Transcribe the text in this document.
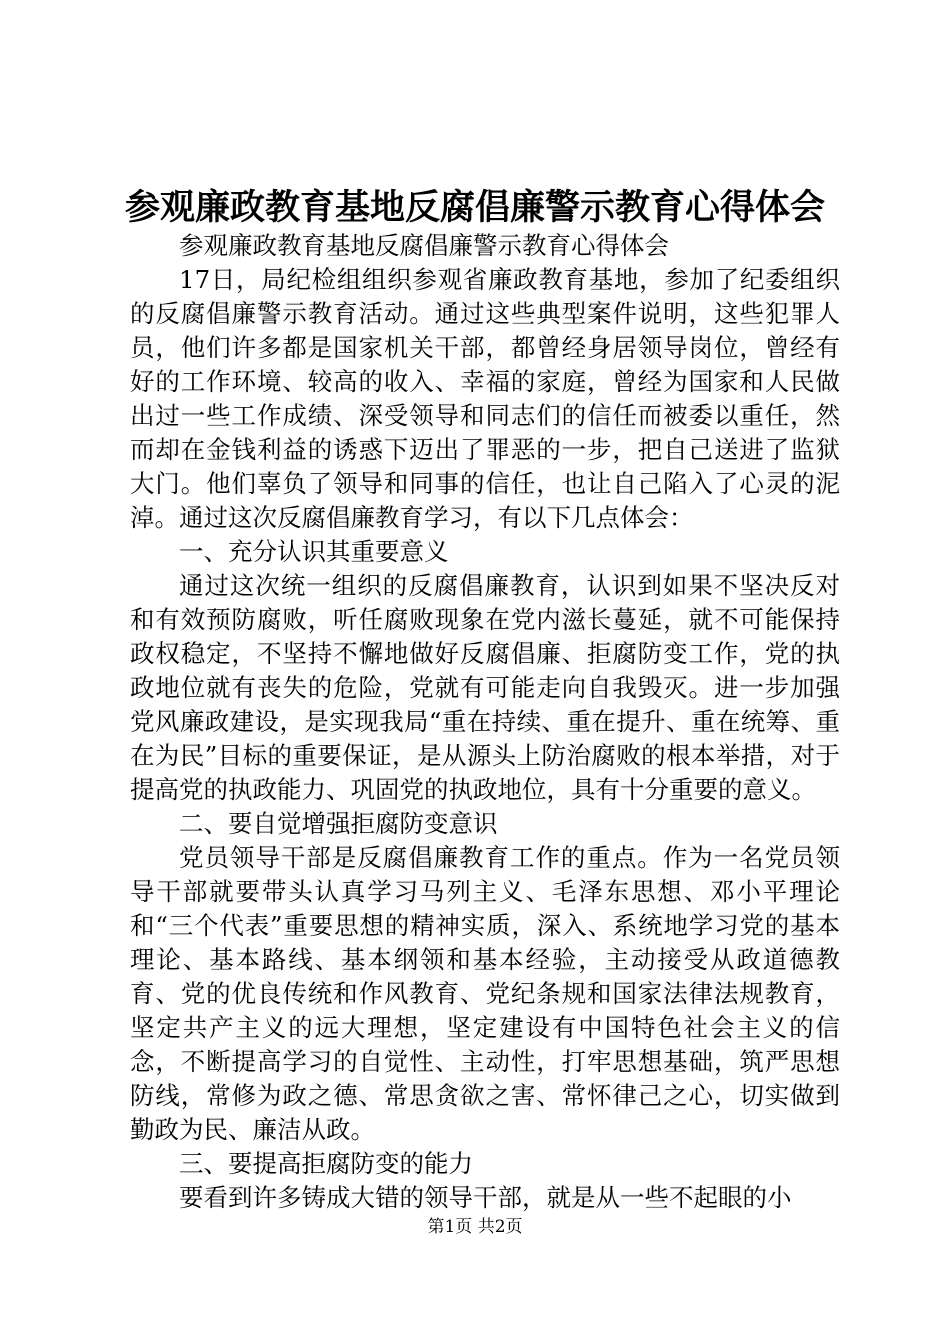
参观廉政教育基地反腐倡廉警示教育心得体会

参观廉政教育基地反腐倡廉警示教育心得体会

17日，局纪检组组织参观省廉政教育基地，参加了纪委组织的反腐倡廉警示教育活动。通过这些典型案件说明，这些犯罪人员，他们许多都是国家机关干部，都曾经身居领导岗位，曾经有好的工作环境、较高的收入、幸福的家庭，曾经为国家和人民做出过一些工作成绩、深受领导和同志们的信任而被委以重任，然而却在金钱利益的诱惑下迈出了罪恶的一步，把自己送进了监狱大门。他们辜负了领导和同事的信任，也让自己陷入了心灵的泥淖。通过这次反腐倡廉教育学习，有以下几点体会：

一、充分认识其重要意义

通过这次统一组织的反腐倡廉教育，认识到如果不坚决反对和有效预防腐败，听任腐败现象在党内滋长蔓延，就不可能保持政权稳定，不坚持不懈地做好反腐倡廉、拒腐防变工作，党的执政地位就有丧失的危险，党就有可能走向自我毁灭。进一步加强党风廉政建设，是实现我局“重在持续、重在提升、重在统筹、重在为民”目标的重要保证，是从源头上防治腐败的根本举措，对于提高党的执政能力、巩固党的执政地位，具有十分重要的意义。

二、要自觉增强拒腐防变意识

党员领导干部是反腐倡廉教育工作的重点。作为一名党员领导干部就要带头认真学习马列主义、毛泽东思想、邓小平理论和“三个代表”重要思想的精神实质，深入、系统地学习党的基本理论、基本路线、基本纲领和基本经验，主动接受从政道德教育、党的优良传统和作风教育、党纪条规和国家法律法规教育，坚定共产主义的远大理想，坚定建设有中国特色社会主义的信念，不断提高学习的自觉性、主动性，打牢思想基础，筑严思想防线，常修为政之德、常思贪欲之害、常怀律己之心，切实做到勤政为民、廉洁从政。

三、要提高拒腐防变的能力

要看到许多铸成大错的领导干部，就是从一些不起眼的小

第1页 共2页
